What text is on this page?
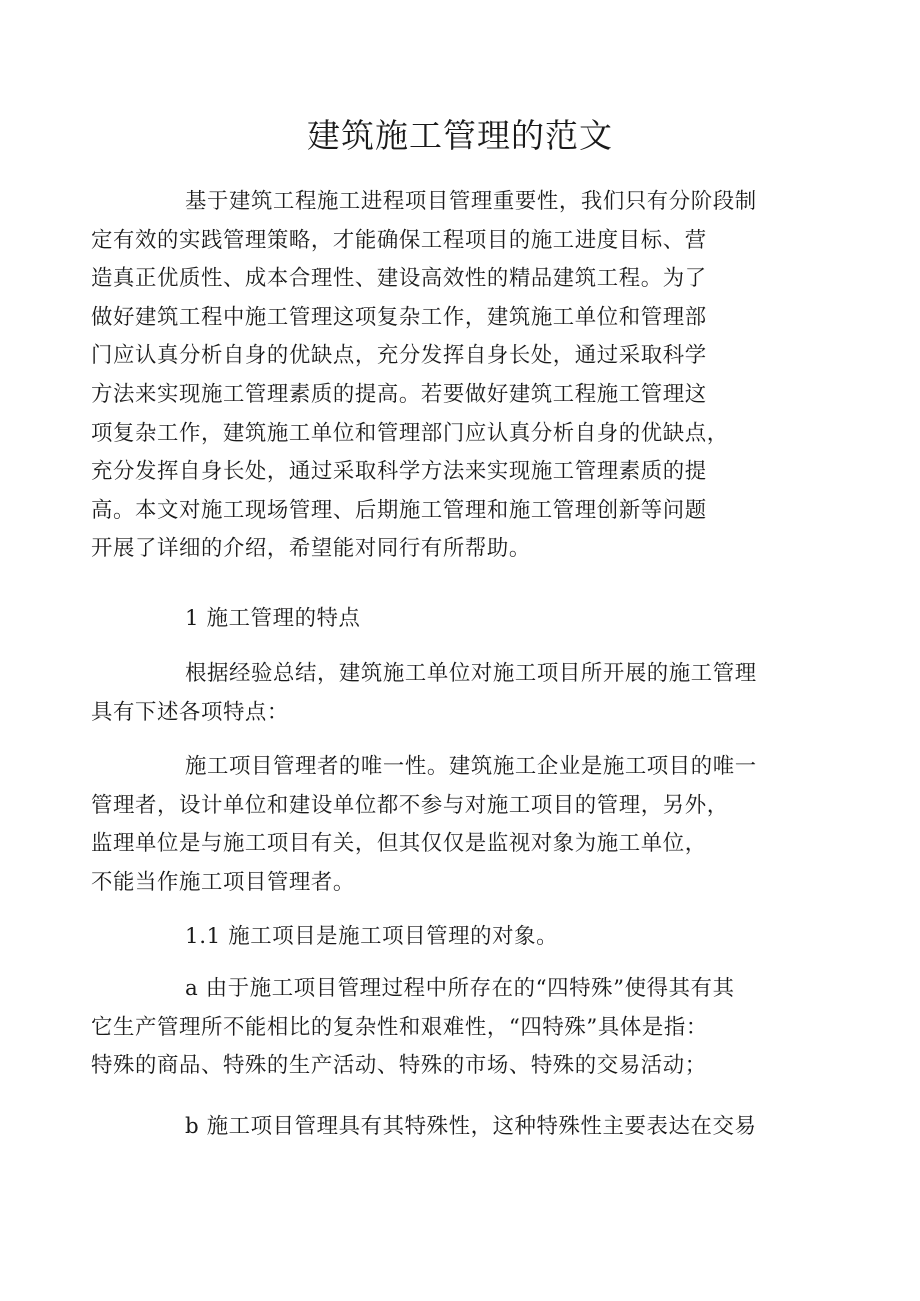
建筑施工管理的范文

基于建筑工程施工进程项目管理重要性，我们只有分阶段制
定有效的实践管理策略，才能确保工程项目的施工进度目标、营
造真正优质性、成本合理性、建设高效性的精品建筑工程。为了
做好建筑工程中施工管理这项复杂工作，建筑施工单位和管理部
门应认真分析自身的优缺点，充分发挥自身长处，通过采取科学
方法来实现施工管理素质的提高。若要做好建筑工程施工管理这
项复杂工作，建筑施工单位和管理部门应认真分析自身的优缺点，
充分发挥自身长处，通过采取科学方法来实现施工管理素质的提
高。本文对施工现场管理、后期施工管理和施工管理创新等问题
开展了详细的介绍，希望能对同行有所帮助。

1 施工管理的特点

根据经验总结，建筑施工单位对施工项目所开展的施工管理
具有下述各项特点：

施工项目管理者的唯一性。建筑施工企业是施工项目的唯一
管理者，设计单位和建设单位都不参与对施工项目的管理，另外，
监理单位是与施工项目有关，但其仅仅是监视对象为施工单位，
不能当作施工项目管理者。

1.1 施工项目是施工项目管理的对象。

a 由于施工项目管理过程中所存在的“四特殊”使得其有其
它生产管理所不能相比的复杂性和艰难性，“四特殊”具体是指：
特殊的商品、特殊的生产活动、特殊的市场、特殊的交易活动；

b 施工项目管理具有其特殊性，这种特殊性主要表达在交易
